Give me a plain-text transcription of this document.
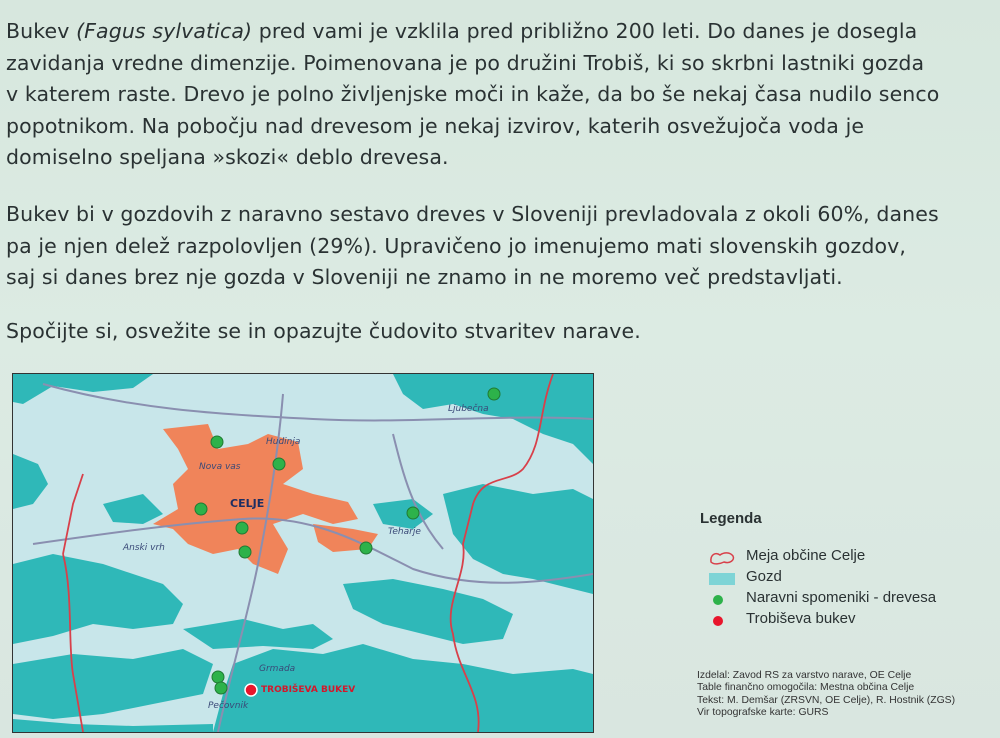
Bukev (Fagus sylvatica) pred vami je vzklila pred približno 200 leti. Do danes je dosegla
zavidanja vredne dimenzije. Poimenovana je po družini Trobiš, ki so skrbni lastniki gozda
v katerem raste. Drevo je polno življenjske moči in kaže, da bo še nekaj časa nudilo senco
popotnikom. Na pobočju nad drevesom je nekaj izvirov, katerih osvežujoča voda je
domiselno speljana »skozi« deblo drevesa.
Bukev bi v gozdovih z naravno sestavo dreves v Sloveniji prevladovala z okoli 60%, danes
pa je njen delež razpolovljen (29%). Upravičeno jo imenujemo mati slovenskih gozdov,
saj si danes brez nje gozda v Sloveniji ne znamo in ne moremo več predstavljati.
Spočijte si, osvežite se in opazujte čudovito stvaritev narave.
Ljubečna
Hudinja
Nova vas
Teharje
Anski vrh
Grmada
Pečovnik
CELJE
TROBIŠEVA BUKEV
Legenda
Meja občine Celje
Gozd
Naravni spomeniki - drevesa
Trobiševa bukev
Izdelal: Zavod RS za varstvo narave, OE Celje
Table finančno omogočila: Mestna občina Celje
Tekst: M. Demšar (ZRSVN, OE Celje), R. Hostnik (ZGS)
Vir topografske karte: GURS
